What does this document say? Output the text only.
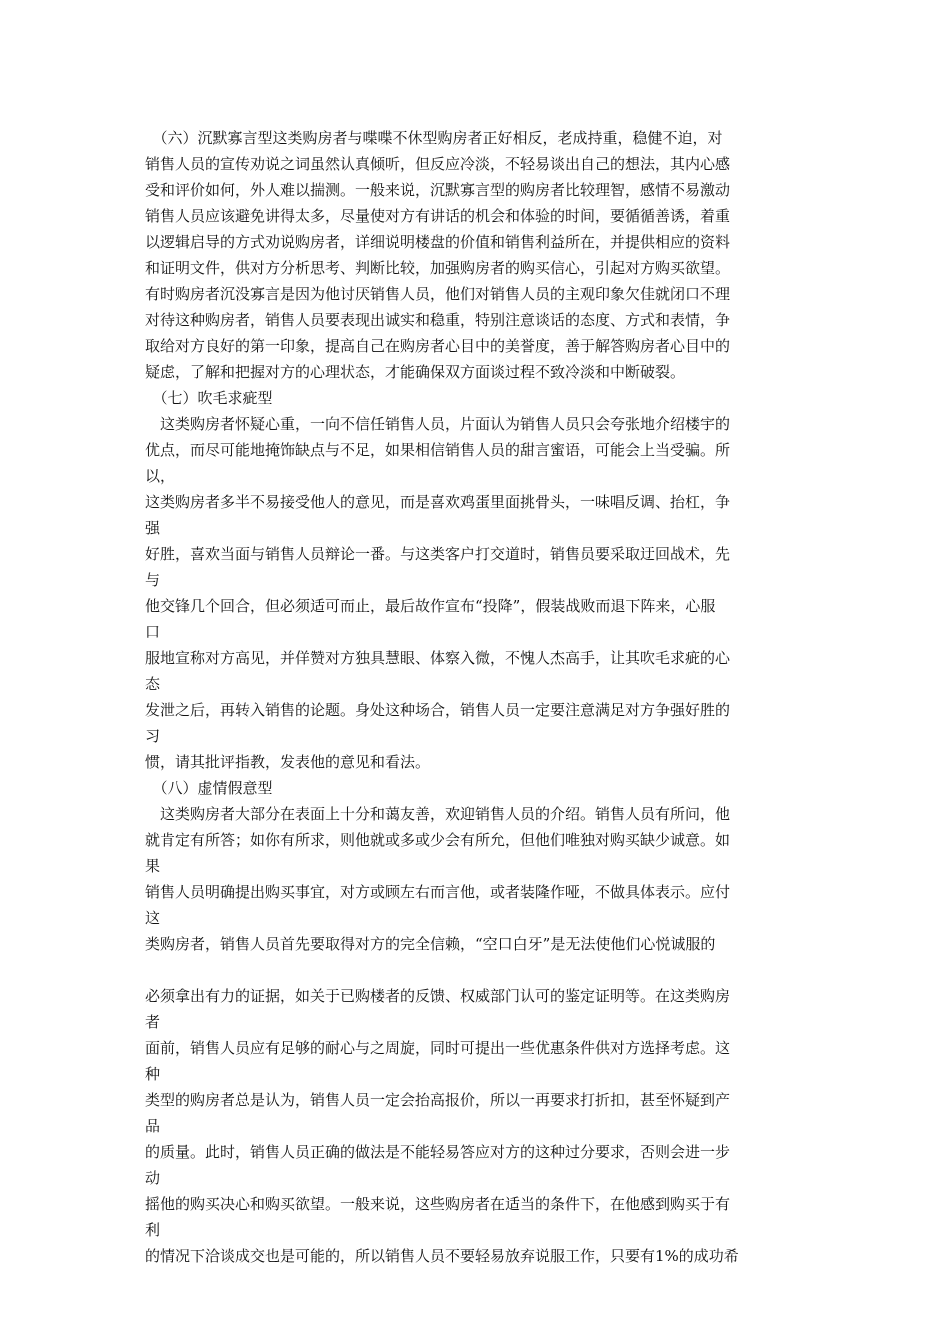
　（六）沉默寡言型这类购房者与喋喋不休型购房者正好相反，老成持重，稳健不迫，对
销售人员的宣传劝说之词虽然认真倾听，但反应冷淡，不轻易谈出自己的想法，其内心感
受和评价如何，外人难以揣测。一般来说，沉默寡言型的购房者比较理智，感情不易激动
销售人员应该避免讲得太多，尽量使对方有讲话的机会和体验的时间，要循循善诱，着重
以逻辑启导的方式劝说购房者，详细说明楼盘的价值和销售利益所在，并提供相应的资料
和证明文件，供对方分析思考、判断比较，加强购房者的购买信心，引起对方购买欲望。
有时购房者沉没寡言是因为他讨厌销售人员，他们对销售人员的主观印象欠佳就闭口不理
对待这种购房者，销售人员要表现出诚实和稳重，特别注意谈话的态度、方式和表情，争
取给对方良好的第一印象，提高自己在购房者心目中的美誉度，善于解答购房者心目中的
疑虑，了解和把握对方的心理状态，才能确保双方面谈过程不致冷淡和中断破裂。
　（七）吹毛求疵型
　这类购房者怀疑心重，一向不信任销售人员，片面认为销售人员只会夸张地介绍楼宇的
优点，而尽可能地掩饰缺点与不足，如果相信销售人员的甜言蜜语，可能会上当受骗。所
以，
这类购房者多半不易接受他人的意见，而是喜欢鸡蛋里面挑骨头，一味唱反调、抬杠，争
强
好胜，喜欢当面与销售人员辩论一番。与这类客户打交道时，销售员要采取迂回战术，先
与
他交锋几个回合，但必须适可而止，最后故作宣布“投降”，假装战败而退下阵来，心服
口
服地宣称对方高见，并佯赞对方独具慧眼、体察入微，不愧人杰高手，让其吹毛求疵的心
态
发泄之后，再转入销售的论题。身处这种场合，销售人员一定要注意满足对方争强好胜的
习
惯，请其批评指教，发表他的意见和看法。
　（八）虚情假意型
　这类购房者大部分在表面上十分和蔼友善，欢迎销售人员的介绍。销售人员有所问，他
就肯定有所答；如你有所求，则他就或多或少会有所允，但他们唯独对购买缺少诚意。如
果
销售人员明确提出购买事宜，对方或顾左右而言他，或者装隆作哑，不做具体表示。应付
这
类购房者，销售人员首先要取得对方的完全信赖，“空口白牙”是无法使他们心悦诚服的
必须拿出有力的证据，如关于已购楼者的反馈、权威部门认可的鉴定证明等。在这类购房
者
面前，销售人员应有足够的耐心与之周旋，同时可提出一些优惠条件供对方选择考虑。这
种
类型的购房者总是认为，销售人员一定会抬高报价，所以一再要求打折扣，甚至怀疑到产
品
的质量。此时，销售人员正确的做法是不能轻易答应对方的这种过分要求，否则会进一步
动
摇他的购买决心和购买欲望。一般来说，这些购房者在适当的条件下，在他感到购买于有
利
的情况下洽谈成交也是可能的，所以销售人员不要轻易放弃说服工作，只要有1%的成功希
